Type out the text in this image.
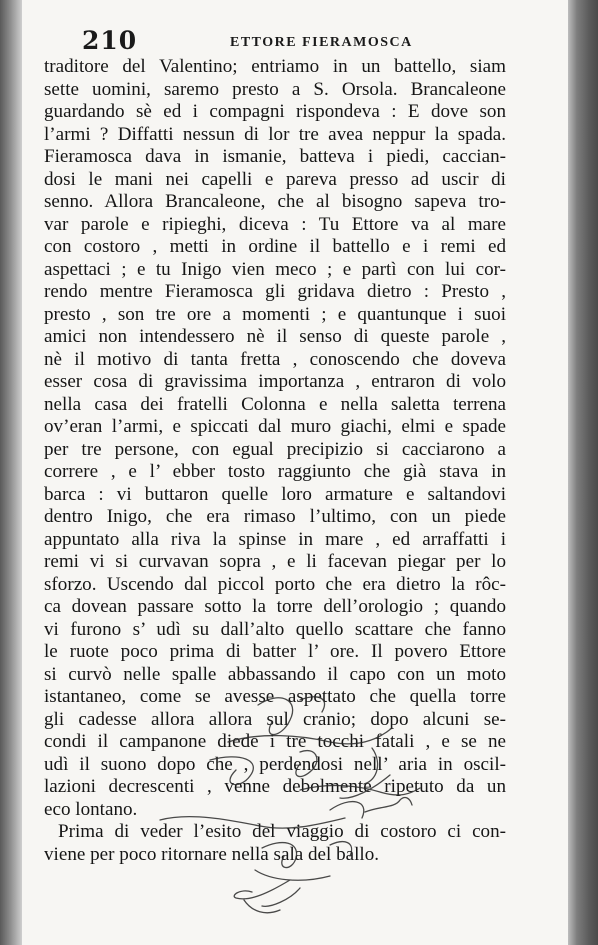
210	ETTORE FIERAMOSCA
traditore del Valentino; entriamo in un battello, siam
sette uomini, saremo presto a S. Orsola. Brancaleone
guardando sè ed i compagni rispondeva : E dove son
l’armi ? Diffatti nessun di lor tre avea neppur la spada.
Fieramosca dava in ismanie, batteva i piedi, caccian-
dosi le mani nei capelli e pareva presso ad uscir di
senno. Allora Brancaleone, che al bisogno sapeva tro-
var parole e ripieghi, diceva : Tu Ettore va al mare
con costoro , metti in ordine il battello e i remi ed
aspettaci ; e tu Inigo vien meco ; e partì con lui cor-
rendo mentre Fieramosca gli gridava dietro : Presto ,
presto , son tre ore a momenti ; e quantunque i suoi
amici non intendessero nè il senso di queste parole ,
nè il motivo di tanta fretta , conoscendo che doveva
esser cosa di gravissima importanza , entraron di volo
nella casa dei fratelli Colonna e nella saletta terrena
ov’eran l’armi, e spiccati dal muro giachi, elmi e spade
per tre persone, con egual precipizio si cacciarono a
correre , e l’ ebber tosto raggiunto che già stava in
barca : vi buttaron quelle loro armature e saltandovi
dentro Inigo, che era rimaso l’ultimo, con un piede
appuntato alla riva la spinse in mare , ed arraffatti i
remi vi si curvavan sopra , e li facevan piegar per lo
sforzo. Uscendo dal piccol porto che era dietro la rôc-
ca dovean passare sotto la torre dell’orologio ; quando
vi furono s’ udì su dall’alto quello scattare che fanno
le ruote poco prima di batter l’ ore. Il povero Ettore
si curvò nelle spalle abbassando il capo con un moto
istantaneo, come se avesse aspettato che quella torre
gli cadesse allora allora sul cranio; dopo alcuni se-
condi il campanone diede i tre tocchi fatali , e se ne
udì il suono dopo che , perdendosi nell’ aria in oscil-
lazioni decrescenti , venne debolmente ripetuto da un
eco lontano.
Prima di veder l’esito del viaggio di costoro ci con-
viene per poco ritornare nella sala del ballo.
